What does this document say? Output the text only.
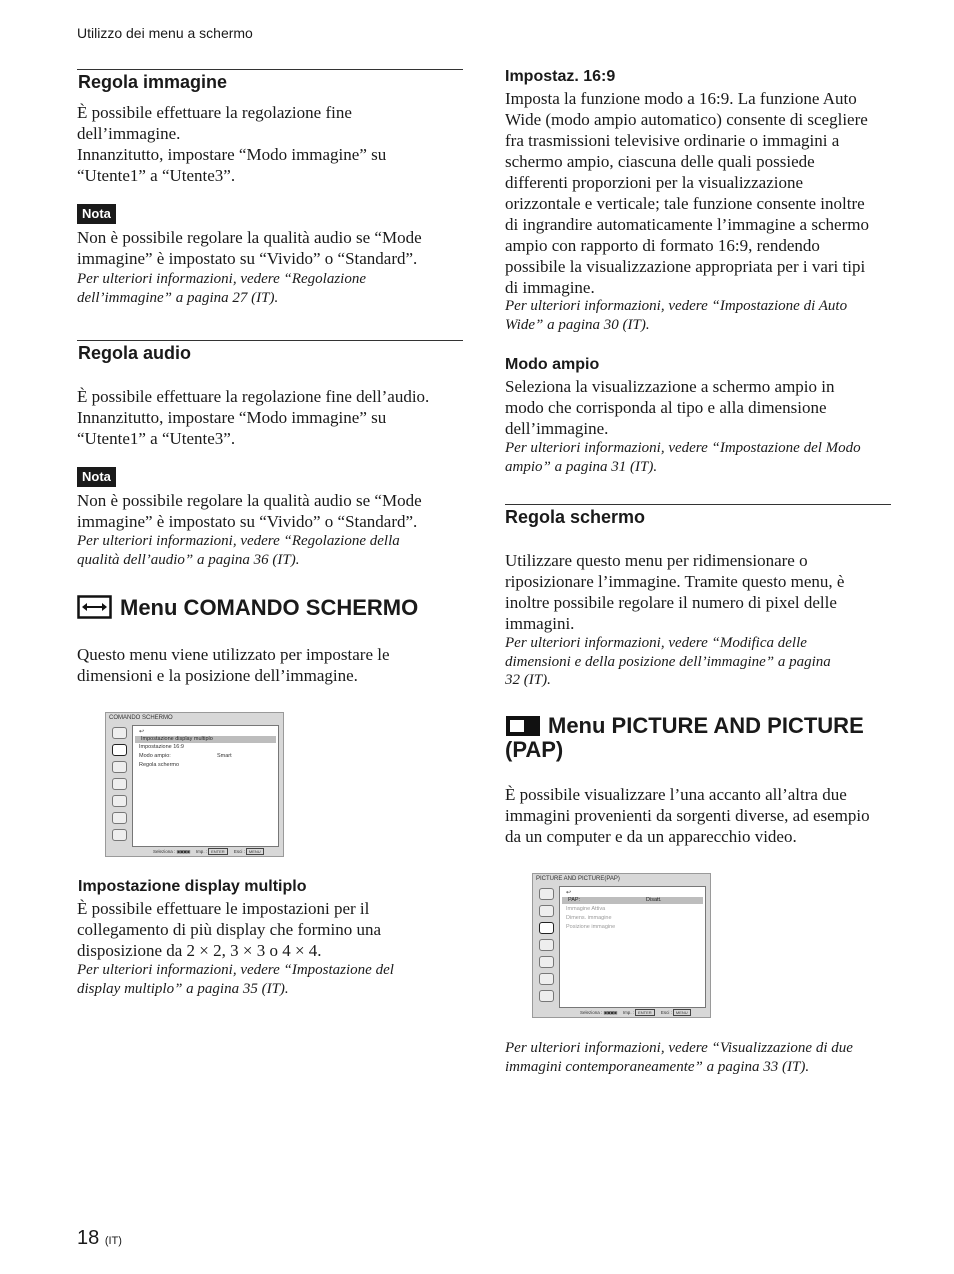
Utilizzo dei menu a schermo
Regola immagine
È possibile effettuare la regolazione fine
dell’immagine.
Innanzitutto, impostare “Modo immagine” su
“Utente1” a “Utente3”.
Nota
Non è possibile regolare la qualità audio se “Mode
immagine” è impostato su “Vivido” o “Standard”.
Per ulteriori informazioni, vedere “Regolazione
dell’immagine” a pagina 27 (IT).
Regola audio
È possibile effettuare la regolazione fine dell’audio.
Innanzitutto, impostare “Modo immagine” su
“Utente1” a “Utente3”.
Nota
Non è possibile regolare la qualità audio se “Mode
immagine” è impostato su “Vivido” o “Standard”.
Per ulteriori informazioni, vedere “Regolazione della
qualità dell’audio” a pagina 36 (IT).
Menu COMANDO SCHERMO
Questo menu viene utilizzato per impostare le
dimensioni e la posizione dell’immagine.
COMANDO SCHERMO
↩
Impostazione display multiplo
Impostazione 16:9
Modo ampio:	Smart
Regola schermo
Seleziona : ▣▣▣▣ Imp. : ENTER Esci : MENU
Impostazione display multiplo
È possibile effettuare le impostazioni per il
collegamento di più display che formino una
disposizione da 2 × 2, 3 × 3 o 4 × 4.
Per ulteriori informazioni, vedere “Impostazione del
display multiplo” a pagina 35 (IT).
Impostaz. 16:9
Imposta la funzione modo a 16:9. La funzione Auto
Wide (modo ampio automatico) consente di scegliere
fra trasmissioni televisive ordinarie o immagini a
schermo ampio, ciascuna delle quali possiede
differenti proporzioni per la visualizzazione
orizzontale e verticale; tale funzione consente inoltre
di ingrandire automaticamente l’immagine a schermo
ampio con rapporto di formato 16:9, rendendo
possibile la visualizzazione appropriata per i vari tipi
di immagine.
Per ulteriori informazioni, vedere “Impostazione di Auto
Wide” a pagina 30 (IT).
Modo ampio
Seleziona la visualizzazione a schermo ampio in
modo che corrisponda al tipo e alla dimensione
dell’immagine.
Per ulteriori informazioni, vedere “Impostazione del Modo
ampio” a pagina 31 (IT).
Regola schermo
Utilizzare questo menu per ridimensionare o
riposizionare l’immagine. Tramite questo menu, è
inoltre possibile regolare il numero di pixel delle
immagini.
Per ulteriori informazioni, vedere “Modifica delle
dimensioni e della posizione dell’immagine” a pagina
32 (IT).
Menu PICTURE AND PICTURE
(PAP)
È possibile visualizzare l’una accanto all’altra due
immagini provenienti da sorgenti diverse, ad esempio
da un computer e da un apparecchio video.
PICTURE AND PICTURE(PAP)
↩
PAP:	Disatt.
Immagine Attiva
Dimens. immagine
Posizione immagine
Seleziona : ▣▣▣▣ Imp. : ENTER Esci : MENU
Per ulteriori informazioni, vedere “Visualizzazione di due
immagini contemporaneamente” a pagina 33 (IT).
18 (IT)
